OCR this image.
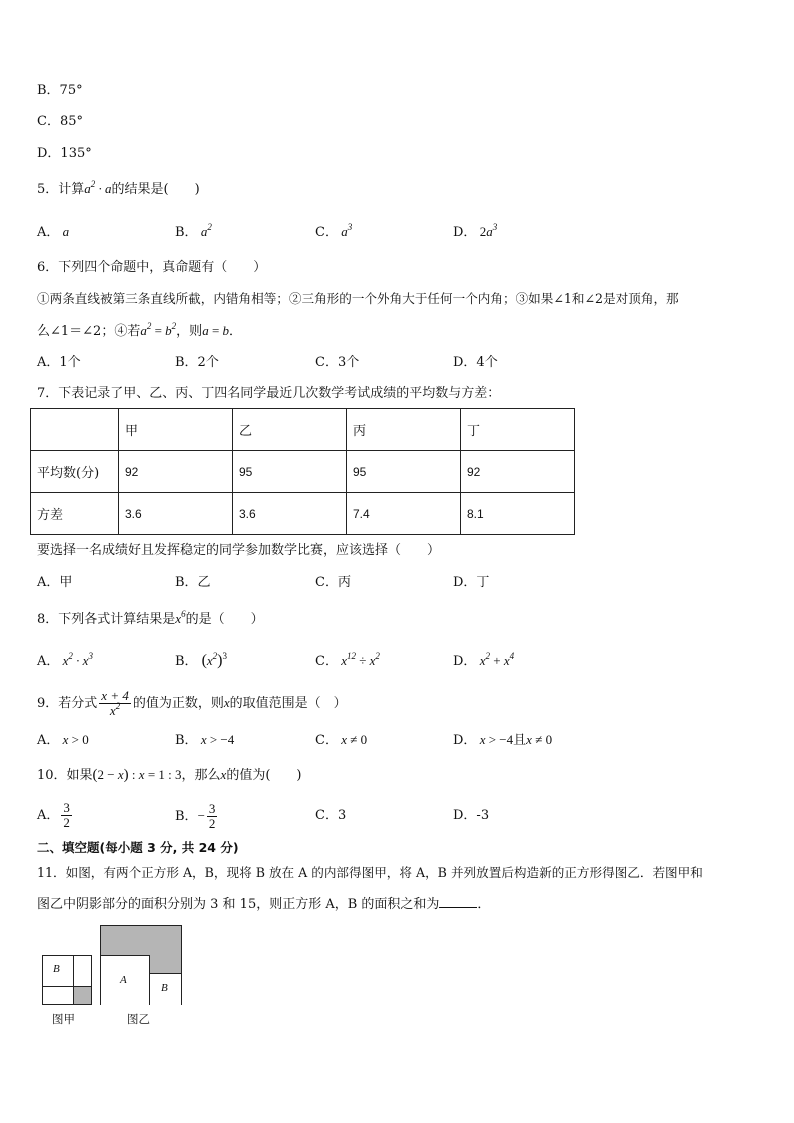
B．75°
C．85°
D．135°
5．计算$a^2 \cdot a$的结果是(　　)
A． a	B． $a^2$	C． $a^3$	D． $2a^3$
6．下列四个命题中，真命题有（　　）
①两条直线被第三条直线所截，内错角相等；②三角形的一个外角大于任何一个内角；③如果∠1和∠2是对顶角，那
么∠1＝∠2；④若$a^2 = b^2$，则a = b．
A．1个	B．2个	C．3个	D．4个
7．下表记录了甲、乙、丙、丁四名同学最近几次数学考试成绩的平均数与方差：
	甲	乙	丙	丁
平均数(分)	92	95	95	92
方差	3.6	3.6	7.4	8.1
要选择一名成绩好且发挥稳定的同学参加数学比赛，应该选择（　　）
A．甲	B．乙	C．丙	D．丁
8．下列各式计算结果是$x^6$的是（　　）
A． $x^2 \cdot x^3$	B． $(x^2)^3$	C． $x^{12} \div x^2$	D． $x^2 + x^4$
9．若分式 $\frac{x + 4}{x^2}$ 的值为正数，则x的取值范围是（　）
A． x > 0	B． x > −4	C． x ≠ 0	D． x > −4且x ≠ 0
10．如果(2 − x) : x = 1 : 3，那么x的值为(　　)
A． $\frac{3}{2}$	B．− $\frac{3}{2}$	C．3	D．-3
二、填空题(每小题 3 分, 共 24 分)
11．如图，有两个正方形 A，B，现将 B 放在 A 的内部得图甲，将 A，B 并列放置后构造新的正方形得图乙．若图甲和
图乙中阴影部分的面积分别为 3 和 15，则正方形 A，B 的面积之和为	．
B
图甲
A
B
图乙
